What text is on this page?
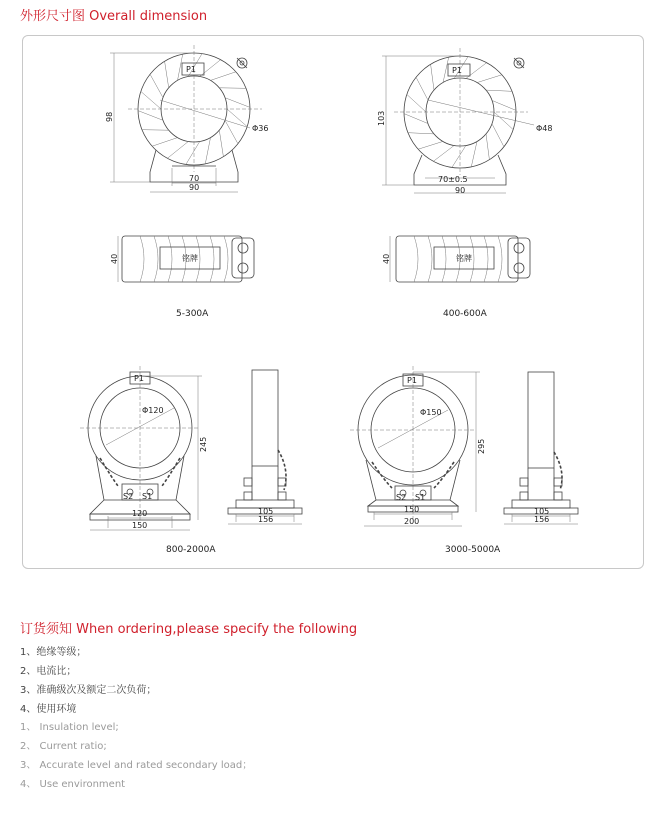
外形尺寸图 Overall dimension
P1
70
90
98
Φ36
铭牌
40
5-300A
P1
70±0.5
90
103
Φ48
铭牌
40
400-600A
P1
Φ120
S2 S1
120
150
245
105
156
800-2000A
P1
Φ150
S2 S1
150
200
295
105
156
3000-5000A
订货须知 When ordering,please specify the following
1、绝缘等级；
2、电流比；
3、准确级次及额定二次负荷；
4、使用环境
1、 Insulation level;
2、 Current ratio;
3、 Accurate level and rated secondary load；
4、 Use environment
